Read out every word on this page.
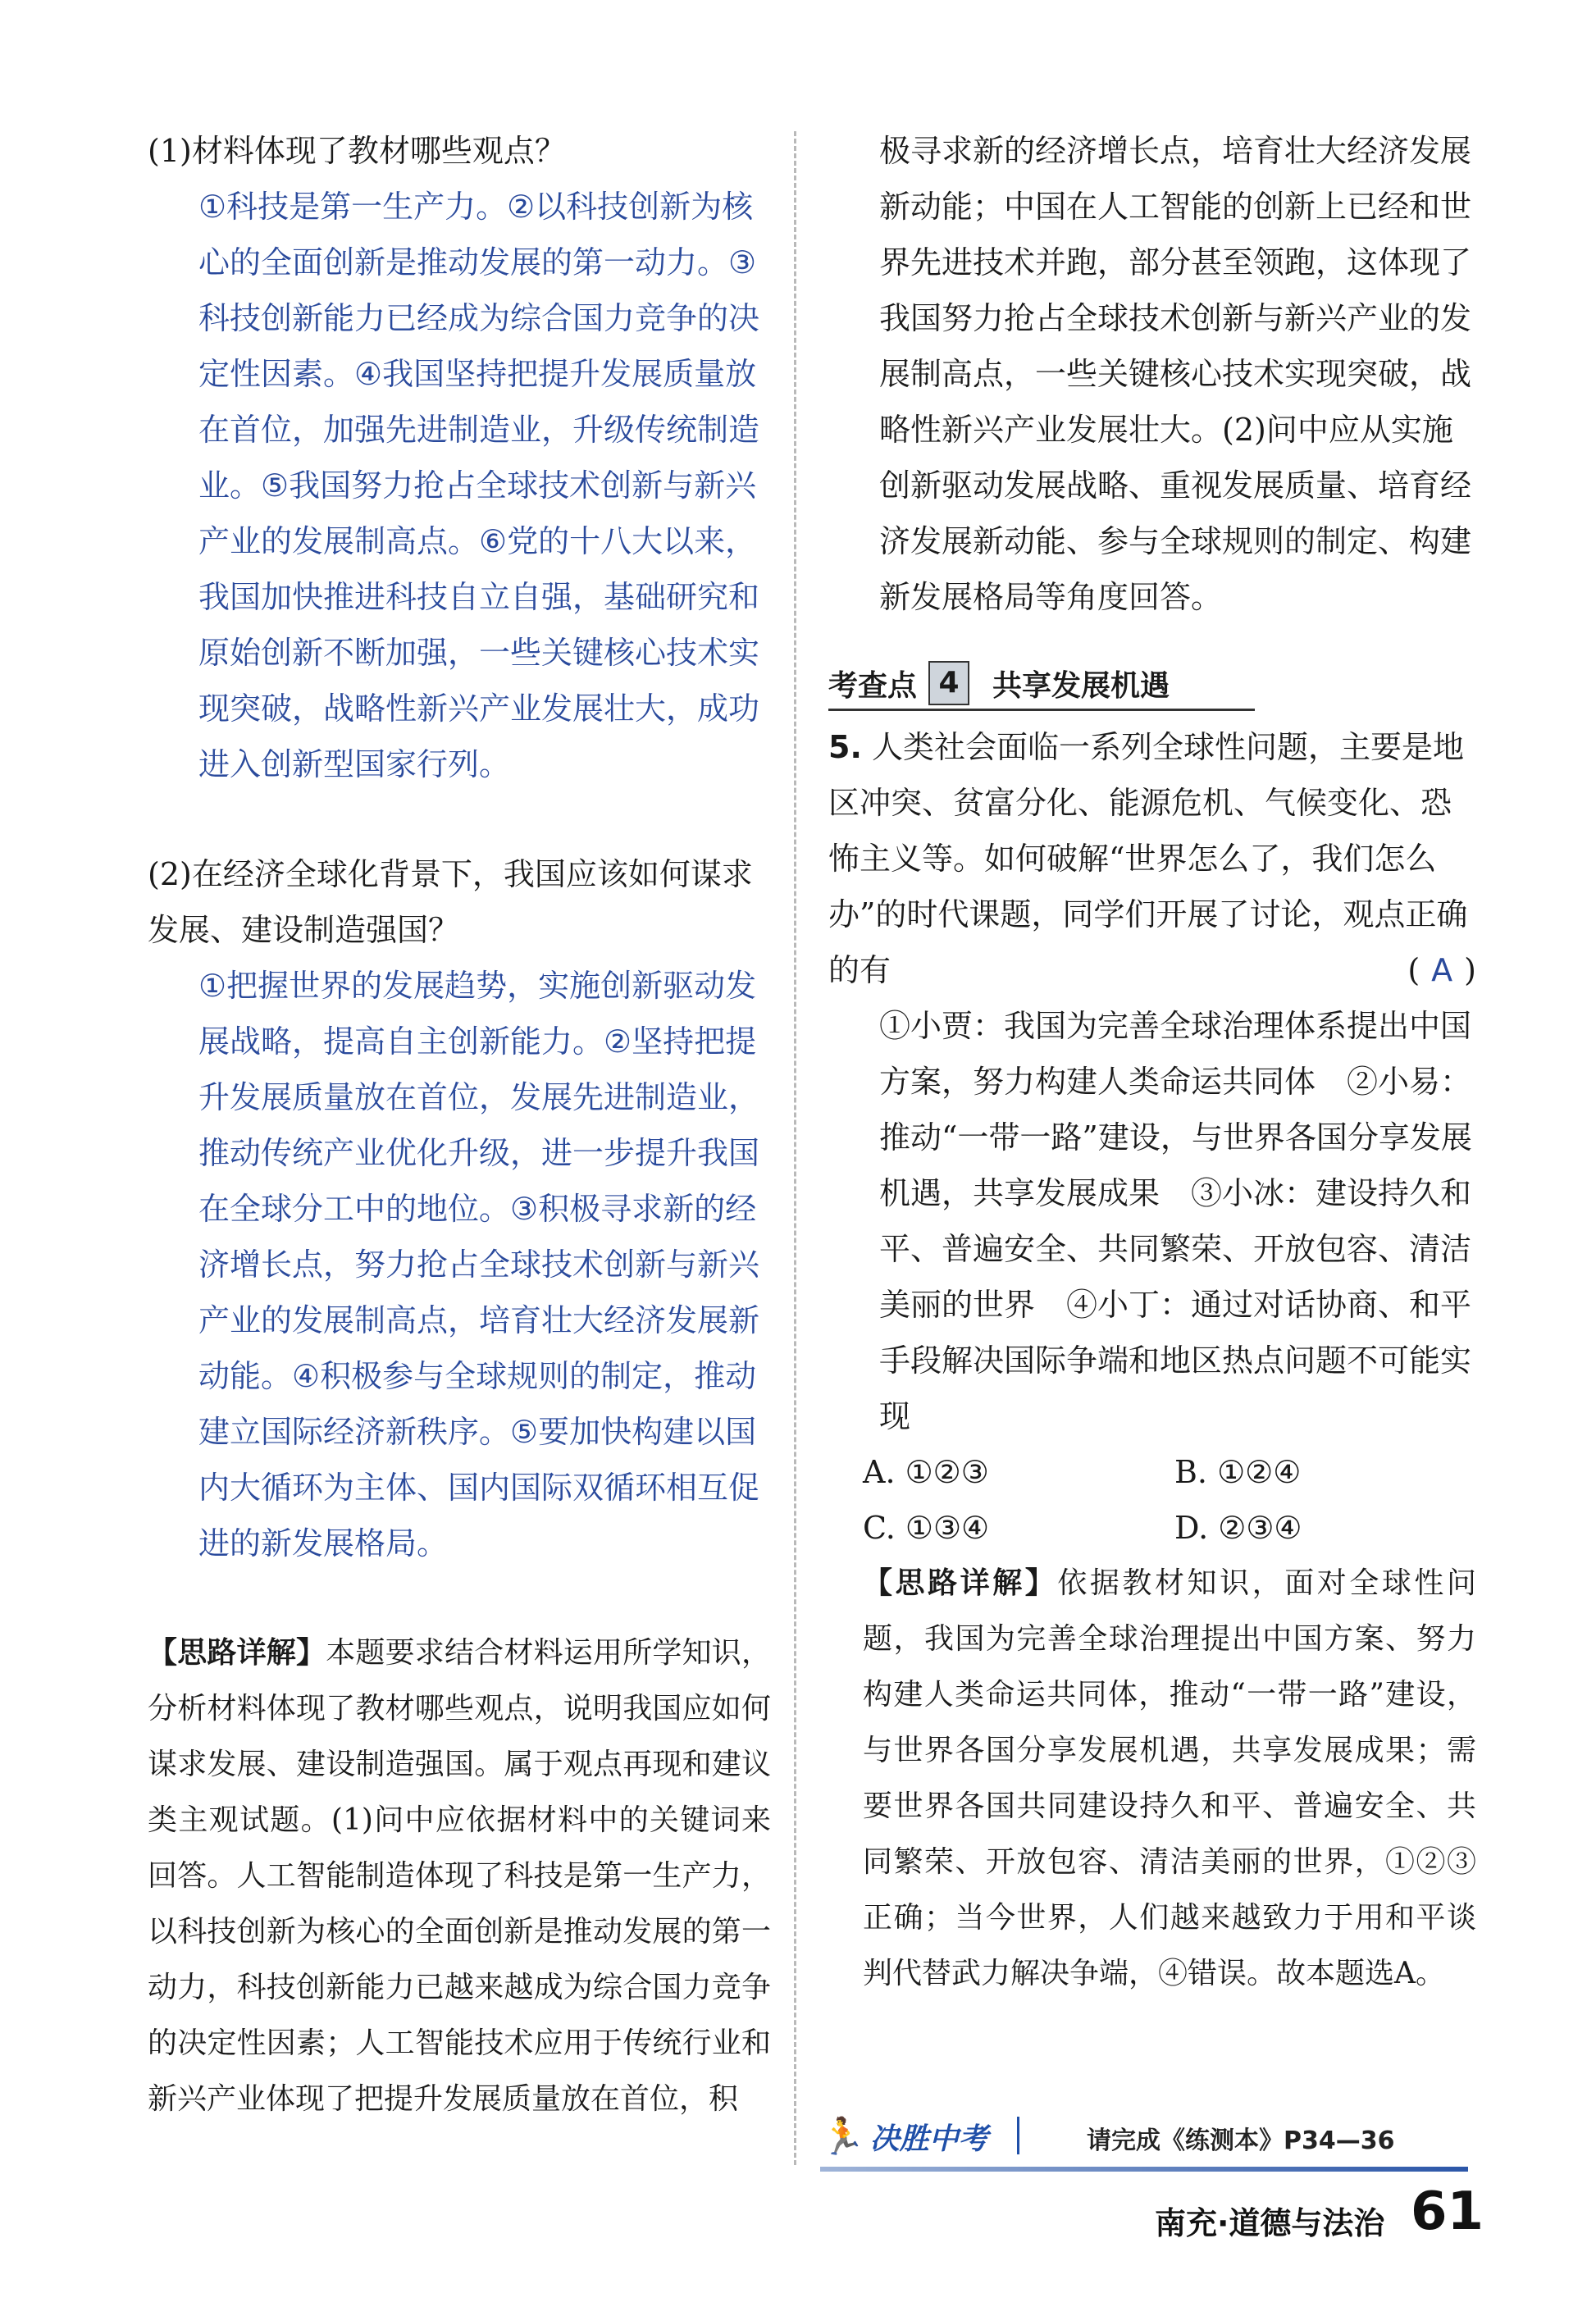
(1)材料体现了教材哪些观点？
①科技是第一生产力。②以科技创新为核心的全面创新是推动发展的第一动力。③科技创新能力已经成为综合国力竞争的决定性因素。④我国坚持把提升发展质量放在首位，加强先进制造业，升级传统制造业。⑤我国努力抢占全球技术创新与新兴产业的发展制高点。⑥党的十八大以来，我国加快推进科技自立自强，基础研究和原始创新不断加强，一些关键核心技术实现突破，战略性新兴产业发展壮大，成功进入创新型国家行列。
(2)在经济全球化背景下，我国应该如何谋求发展、建设制造强国？
①把握世界的发展趋势，实施创新驱动发展战略，提高自主创新能力。②坚持把提升发展质量放在首位，发展先进制造业，推动传统产业优化升级，进一步提升我国在全球分工中的地位。③积极寻求新的经济增长点，努力抢占全球技术创新与新兴产业的发展制高点，培育壮大经济发展新动能。④积极参与全球规则的制定，推动建立国际经济新秩序。⑤要加快构建以国内大循环为主体、国内国际双循环相互促进的新发展格局。
【思路详解】本题要求结合材料运用所学知识，分析材料体现了教材哪些观点，说明我国应如何谋求发展、建设制造强国。属于观点再现和建议类主观试题。(1)问中应依据材料中的关键词来回答。人工智能制造体现了科技是第一生产力，以科技创新为核心的全面创新是推动发展的第一动力，科技创新能力已越来越成为综合国力竞争的决定性因素；人工智能技术应用于传统行业和新兴产业体现了把提升发展质量放在首位，积
极寻求新的经济增长点，培育壮大经济发展新动能；中国在人工智能的创新上已经和世界先进技术并跑，部分甚至领跑，这体现了我国努力抢占全球技术创新与新兴产业的发展制高点，一些关键核心技术实现突破，战略性新兴产业发展壮大。(2)问中应从实施创新驱动发展战略、重视发展质量、培育经济发展新动能、参与全球规则的制定、构建新发展格局等角度回答。
考查点 4	共享发展机遇
5. 人类社会面临一系列全球性问题，主要是地区冲突、贫富分化、能源危机、气候变化、恐怖主义等。如何破解“世界怎么了，我们怎么办”的时代课题，同学们开展了讨论，观点正确的有	( A )
①小贾：我国为完善全球治理体系提出中国方案，努力构建人类命运共同体　②小易：推动“一带一路”建设，与世界各国分享发展机遇，共享发展成果　③小冰：建设持久和平、普遍安全、共同繁荣、开放包容、清洁美丽的世界　④小丁：通过对话协商、和平手段解决国际争端和地区热点问题不可能实现
A. ①②③	B. ①②④
C. ①③④	D. ②③④
【思路详解】依据教材知识，面对全球性问题，我国为完善全球治理提出中国方案、努力构建人类命运共同体，推动“一带一路”建设，与世界各国分享发展机遇，共享发展成果；需要世界各国共同建设持久和平、普遍安全、共同繁荣、开放包容、清洁美丽的世界，①②③正确；当今世界，人们越来越致力于用和平谈判代替武力解决争端，④错误。故本题选A。
🏃 决胜中考	请完成《练测本》P34—36
南充·道德与法治 61
